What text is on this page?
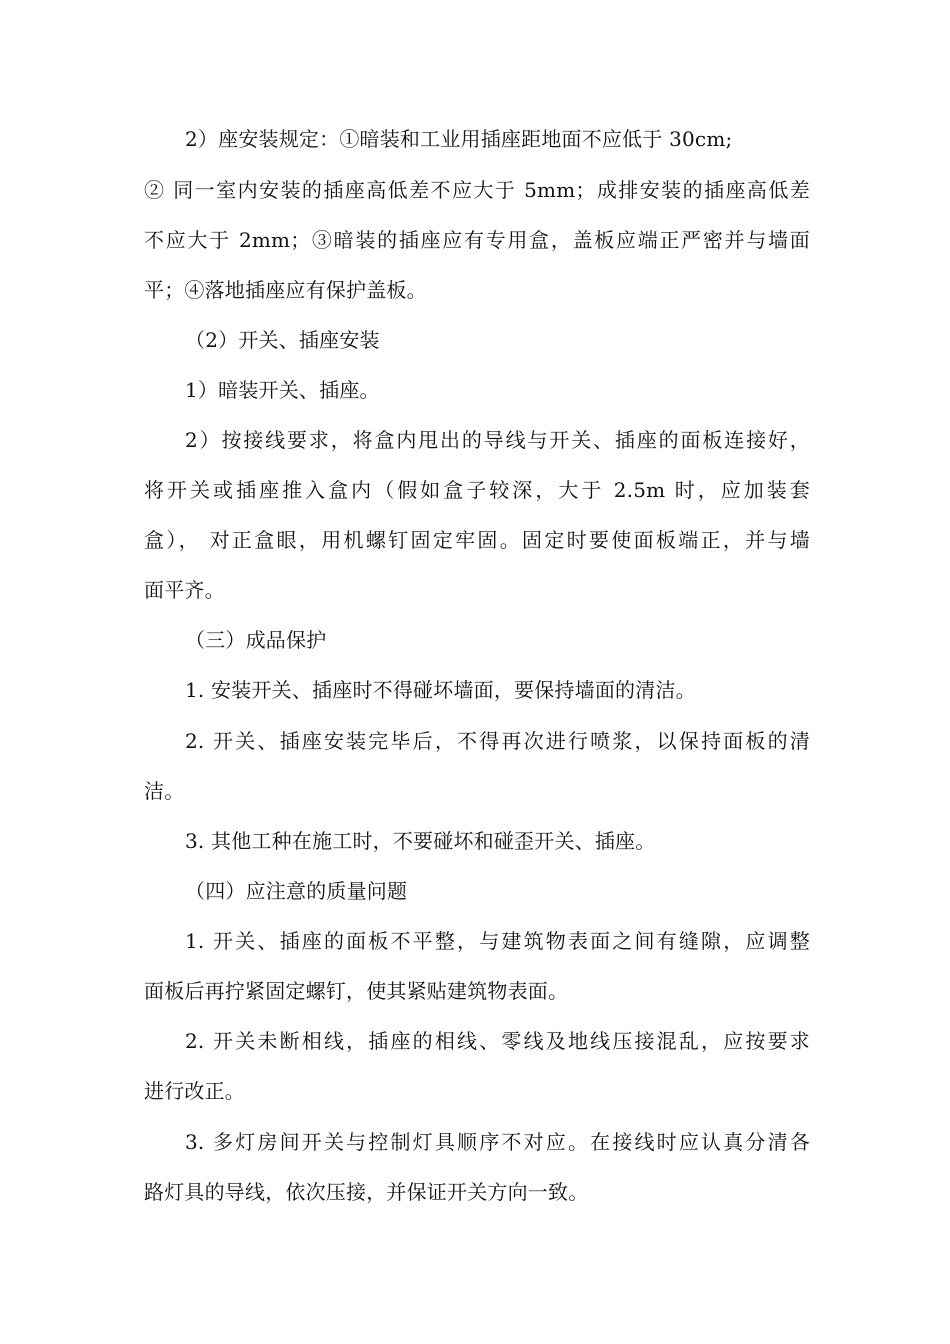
2）座安装规定：①暗装和工业用插座距地面不应低于 30cm;
② 同一室内安装的插座高低差不应大于 5mm；成排安装的插座高低差
不应大于 2mm；③暗装的插座应有专用盒，盖板应端正严密并与墙面
平；④落地插座应有保护盖板。
（2）开关、插座安装
1）暗装开关、插座。
2）按接线要求，将盒内甩出的导线与开关、插座的面板连接好，
将开关或插座推入盒内（假如盒子较深，大于 2.5m 时，应加装套
盒）， 对正盒眼，用机螺钉固定牢固。固定时要使面板端正，并与墙
面平齐。
（三）成品保护
1. 安装开关、插座时不得碰坏墙面，要保持墙面的清洁。
2. 开关、插座安装完毕后，不得再次进行喷浆，以保持面板的清
洁。
3. 其他工种在施工时，不要碰坏和碰歪开关、插座。
（四）应注意的质量问题
1. 开关、插座的面板不平整，与建筑物表面之间有缝隙，应调整
面板后再拧紧固定螺钉，使其紧贴建筑物表面。
2. 开关未断相线，插座的相线、零线及地线压接混乱，应按要求
进行改正。
3. 多灯房间开关与控制灯具顺序不对应。在接线时应认真分清各
路灯具的导线，依次压接，并保证开关方向一致。
